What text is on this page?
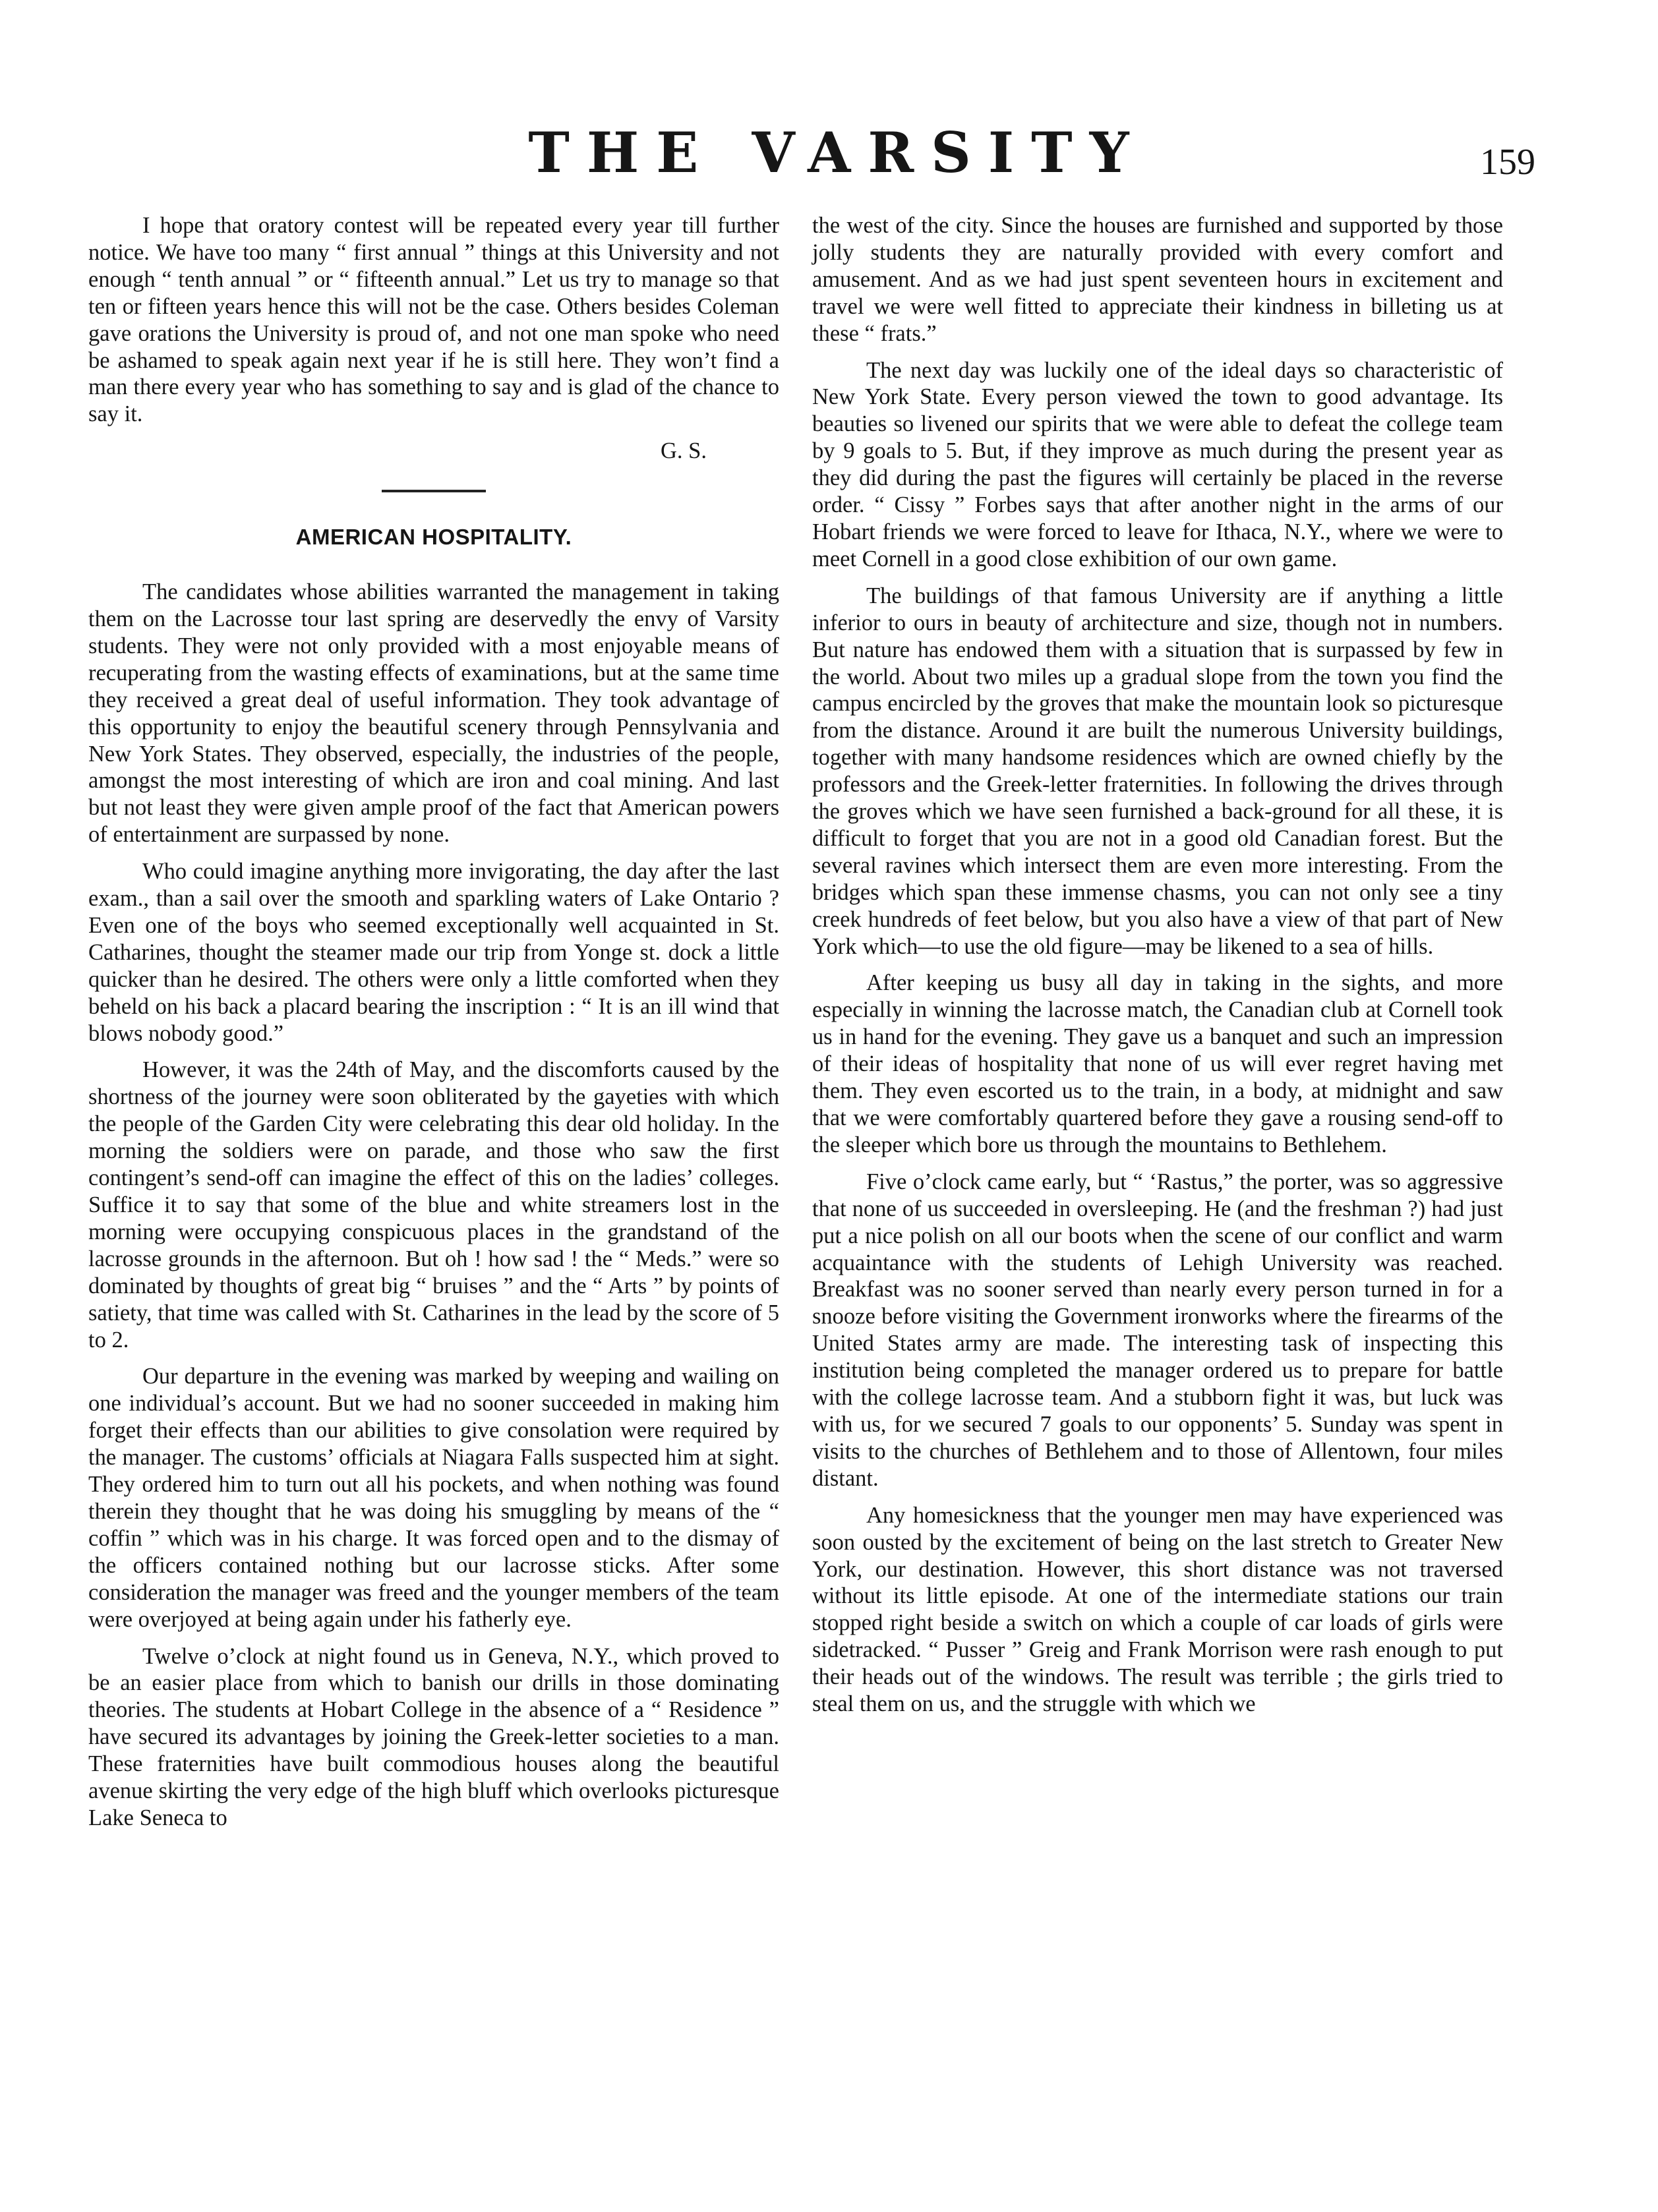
THE VARSITY	159

I hope that oratory contest will be repeated every year till further notice. We have too many “ first annual ” things at this University and not enough “ tenth annual ” or “ fifteenth annual.” Let us try to manage so that ten or fifteen years hence this will not be the case. Others besides Coleman gave orations the University is proud of, and not one man spoke who need be ashamed to speak again next year if he is still here. They won’t find a man there every year who has something to say and is glad of the chance to say it.

G. S.
AMERICAN HOSPITALITY.

The candidates whose abilities warranted the management in taking them on the Lacrosse tour last spring are deservedly the envy of Varsity students. They were not only provided with a most enjoyable means of recuperating from the wasting effects of examinations, but at the same time they received a great deal of useful information. They took advantage of this opportunity to enjoy the beautiful scenery through Pennsylvania and New York States. They observed, especially, the industries of the people, amongst the most interesting of which are iron and coal mining. And last but not least they were given ample proof of the fact that American powers of entertainment are surpassed by none.

Who could imagine anything more invigorating, the day after the last exam., than a sail over the smooth and sparkling waters of Lake Ontario ? Even one of the boys who seemed exceptionally well acquainted in St. Catharines, thought the steamer made our trip from Yonge st. dock a little quicker than he desired. The others were only a little comforted when they beheld on his back a placard bearing the inscription : “ It is an ill wind that blows nobody good.”

However, it was the 24th of May, and the discomforts caused by the shortness of the journey were soon obliterated by the gayeties with which the people of the Garden City were celebrating this dear old holiday. In the morning the soldiers were on parade, and those who saw the first contingent’s send-off can imagine the effect of this on the ladies’ colleges. Suffice it to say that some of the blue and white streamers lost in the morning were occupying conspicuous places in the grandstand of the lacrosse grounds in the afternoon. But oh ! how sad ! the “ Meds.” were so dominated by thoughts of great big “ bruises ” and the “ Arts ” by points of satiety, that time was called with St. Catharines in the lead by the score of 5 to 2.

Our departure in the evening was marked by weeping and wailing on one individual’s account. But we had no sooner succeeded in making him forget their effects than our abilities to give consolation were required by the manager. The customs’ officials at Niagara Falls suspected him at sight. They ordered him to turn out all his pockets, and when nothing was found therein they thought that he was doing his smuggling by means of the “ coffin ” which was in his charge. It was forced open and to the dismay of the officers contained nothing but our lacrosse sticks. After some consideration the manager was freed and the younger members of the team were overjoyed at being again under his fatherly eye.

Twelve o’clock at night found us in Geneva, N.Y., which proved to be an easier place from which to banish our drills in those dominating theories. The students at Hobart College in the absence of a “ Residence ” have secured its advantages by joining the Greek-letter societies to a man. These fraternities have built commodious houses along the beautiful avenue skirting the very edge of the high bluff which overlooks picturesque Lake Seneca to

the west of the city. Since the houses are furnished and supported by those jolly students they are naturally provided with every comfort and amusement. And as we had just spent seventeen hours in excitement and travel we were well fitted to appreciate their kindness in billeting us at these “ frats.”

The next day was luckily one of the ideal days so characteristic of New York State. Every person viewed the town to good advantage. Its beauties so livened our spirits that we were able to defeat the college team by 9 goals to 5. But, if they improve as much during the present year as they did during the past the figures will certainly be placed in the reverse order. “ Cissy ” Forbes says that after another night in the arms of our Hobart friends we were forced to leave for Ithaca, N.Y., where we were to meet Cornell in a good close exhibition of our own game.

The buildings of that famous University are if anything a little inferior to ours in beauty of architecture and size, though not in numbers. But nature has endowed them with a situation that is surpassed by few in the world. About two miles up a gradual slope from the town you find the campus encircled by the groves that make the mountain look so picturesque from the distance. Around it are built the numerous University buildings, together with many handsome residences which are owned chiefly by the professors and the Greek-letter fraternities. In following the drives through the groves which we have seen furnished a back-ground for all these, it is difficult to forget that you are not in a good old Canadian forest. But the several ravines which intersect them are even more interesting. From the bridges which span these immense chasms, you can not only see a tiny creek hundreds of feet below, but you also have a view of that part of New York which—to use the old figure—may be likened to a sea of hills.

After keeping us busy all day in taking in the sights, and more especially in winning the lacrosse match, the Canadian club at Cornell took us in hand for the evening. They gave us a banquet and such an impression of their ideas of hospitality that none of us will ever regret having met them. They even escorted us to the train, in a body, at midnight and saw that we were comfortably quartered before they gave a rousing send-off to the sleeper which bore us through the mountains to Bethlehem.

Five o’clock came early, but “ ‘Rastus,” the porter, was so aggressive that none of us succeeded in oversleeping. He (and the freshman ?) had just put a nice polish on all our boots when the scene of our conflict and warm acquaintance with the students of Lehigh University was reached. Breakfast was no sooner served than nearly every person turned in for a snooze before visiting the Government ironworks where the firearms of the United States army are made. The interesting task of inspecting this institution being completed the manager ordered us to prepare for battle with the college lacrosse team. And a stubborn fight it was, but luck was with us, for we secured 7 goals to our opponents’ 5. Sunday was spent in visits to the churches of Bethlehem and to those of Allentown, four miles distant.

Any homesickness that the younger men may have experienced was soon ousted by the excitement of being on the last stretch to Greater New York, our destination. However, this short distance was not traversed without its little episode. At one of the intermediate stations our train stopped right beside a switch on which a couple of car loads of girls were sidetracked. “ Pusser ” Greig and Frank Morrison were rash enough to put their heads out of the windows. The result was terrible ; the girls tried to steal them on us, and the struggle with which we
